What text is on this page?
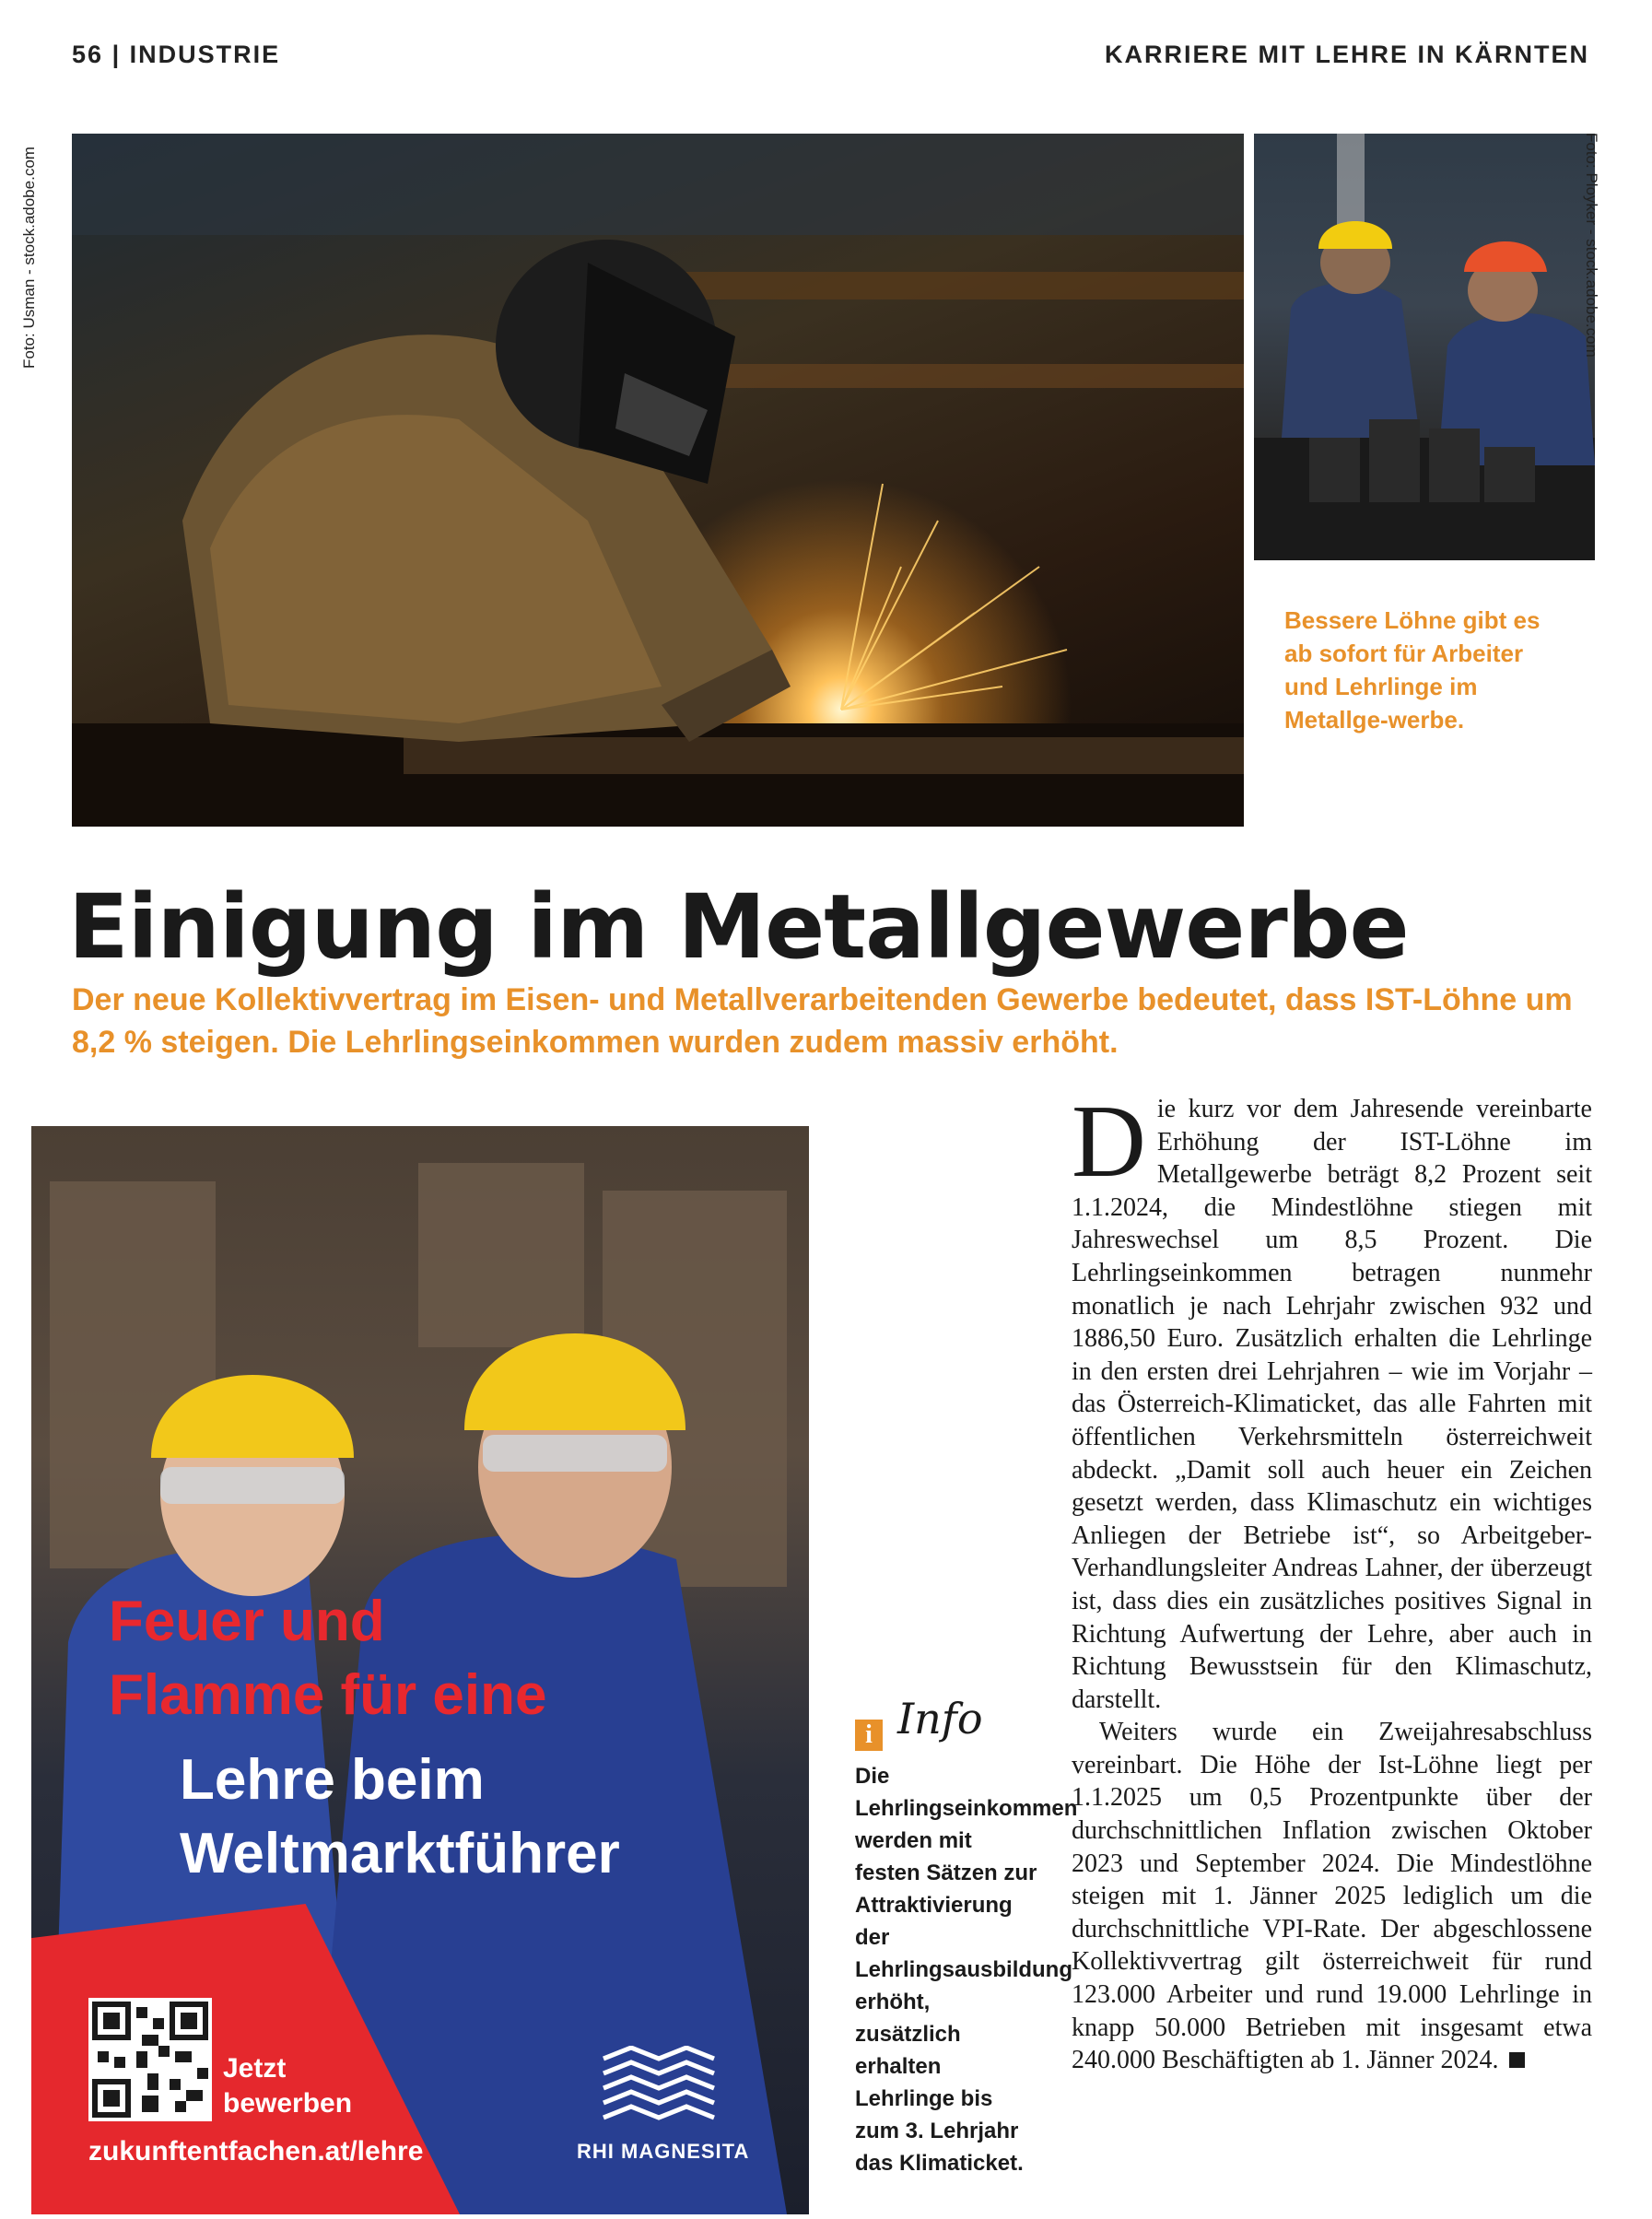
56 | INDUSTRIE	KARRIERE MIT LEHRE IN KÄRNTEN
Foto: Usman - stock.adobe.com	Foto: Ployker - stock.adobe.com
Bessere Löhne gibt es ab sofort für Arbeiter und Lehrlinge im Metallge-werbe.
Einigung im Metallgewerbe
Der neue Kollektivvertrag im Eisen- und Metallverarbeitenden Gewerbe bedeutet, dass IST-Löhne um 8,2 % steigen. Die Lehrlingseinkommen wurden zudem massiv erhöht.
Feuer und
Flamme für eine
Lehre beim
Weltmarktführer
Jetzt
bewerben
zukunftentfachen.at/lehre	RHI MAGNESITA
i Info
Die Lehrlingseinkommen werden mit festen Sätzen zur Attraktivierung der Lehrlingsausbildung erhöht, zusätzlich erhalten Lehrlinge bis zum 3. Lehrjahr das Klimaticket.

Die kurz vor dem Jahresende vereinbarte Erhöhung der IST-Löhne im Metallgewerbe beträgt 8,2 Prozent seit 1.1.2024, die Mindestlöhne stiegen mit Jahreswechsel um 8,5 Prozent. Die Lehrlingseinkommen betragen nunmehr monatlich je nach Lehrjahr zwischen 932 und 1886,50 Euro. Zusätzlich erhalten die Lehrlinge in den ersten drei Lehrjahren – wie im Vorjahr – das Österreich-Klimaticket, das alle Fahrten mit öffentlichen Verkehrsmitteln österreichweit abdeckt. „Damit soll auch heuer ein Zeichen gesetzt werden, dass Klimaschutz ein wichtiges Anliegen der Betriebe ist“, so Arbeitgeber-Verhandlungsleiter Andreas Lahner, der überzeugt ist, dass dies ein zusätzliches positives Signal in Richtung Aufwertung der Lehre, aber auch in Richtung Bewusstsein für den Klimaschutz, darstellt.

Weiters wurde ein Zweijahresabschluss vereinbart. Die Höhe der Ist-Löhne liegt per 1.1.2025 um 0,5 Prozentpunkte über der durchschnittlichen Inflation zwischen Oktober 2023 und September 2024. Die Mindestlöhne steigen mit 1. Jänner 2025 lediglich um die durchschnittliche VPI-Rate. Der abgeschlossene Kollektivvertrag gilt österreichweit für rund 123.000 Arbeiter und rund 19.000 Lehrlinge in knapp 50.000 Betrieben mit insgesamt etwa 240.000 Beschäftigten ab 1. Jänner 2024.
